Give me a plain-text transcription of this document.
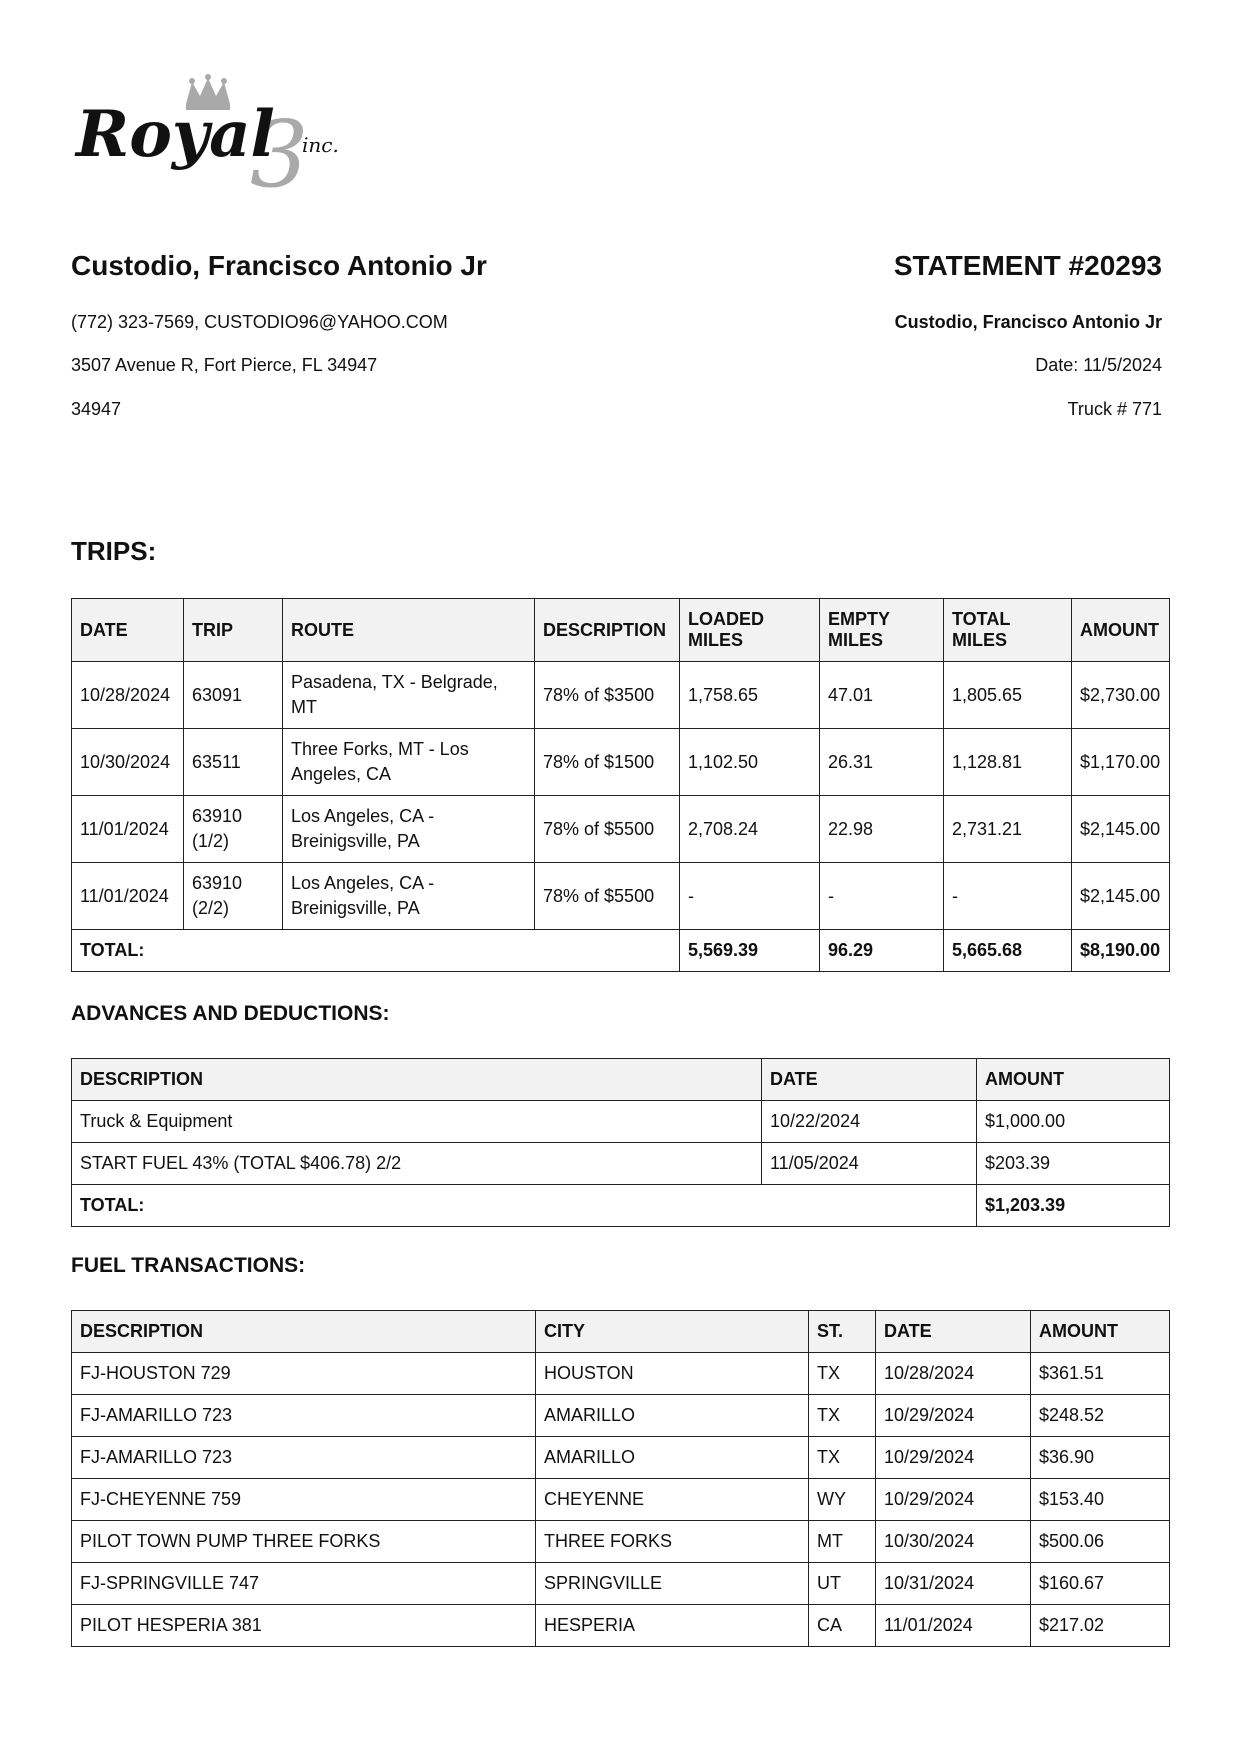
3
Royal inc.
Custodio, Francisco Antonio Jr	STATEMENT #20293
(772) 323-7569, CUSTODIO96@YAHOO.COM
3507 Avenue R, Fort Pierce, FL 34947
34947
Custodio, Francisco Antonio Jr
Date: 11/5/2024
Truck # 771
TRIPS:
DATE	TRIP	ROUTE	DESCRIPTION	LOADED MILES	EMPTY MILES	TOTAL MILES	AMOUNT
10/28/2024	63091	Pasadena, TX - Belgrade, MT	78% of $3500	1,758.65	47.01	1,805.65	$2,730.00
10/30/2024	63511	Three Forks, MT - Los Angeles, CA	78% of $1500	1,102.50	26.31	1,128.81	$1,170.00
11/01/2024	63910 (1/2)	Los Angeles, CA - Breinigsville, PA	78% of $5500	2,708.24	22.98	2,731.21	$2,145.00
11/01/2024	63910 (2/2)	Los Angeles, CA - Breinigsville, PA	78% of $5500	-	-	-	$2,145.00
TOTAL:				5,569.39	96.29	5,665.68	$8,190.00
ADVANCES AND DEDUCTIONS:
DESCRIPTION	DATE	AMOUNT
Truck & Equipment	10/22/2024	$1,000.00
START FUEL 43% (TOTAL $406.78) 2/2	11/05/2024	$203.39
TOTAL:		$1,203.39
FUEL TRANSACTIONS:
DESCRIPTION	CITY	ST.	DATE	AMOUNT
FJ-HOUSTON 729	HOUSTON	TX	10/28/2024	$361.51
FJ-AMARILLO 723	AMARILLO	TX	10/29/2024	$248.52
FJ-AMARILLO 723	AMARILLO	TX	10/29/2024	$36.90
FJ-CHEYENNE 759	CHEYENNE	WY	10/29/2024	$153.40
PILOT TOWN PUMP THREE FORKS	THREE FORKS	MT	10/30/2024	$500.06
FJ-SPRINGVILLE 747	SPRINGVILLE	UT	10/31/2024	$160.67
PILOT HESPERIA 381	HESPERIA	CA	11/01/2024	$217.02
